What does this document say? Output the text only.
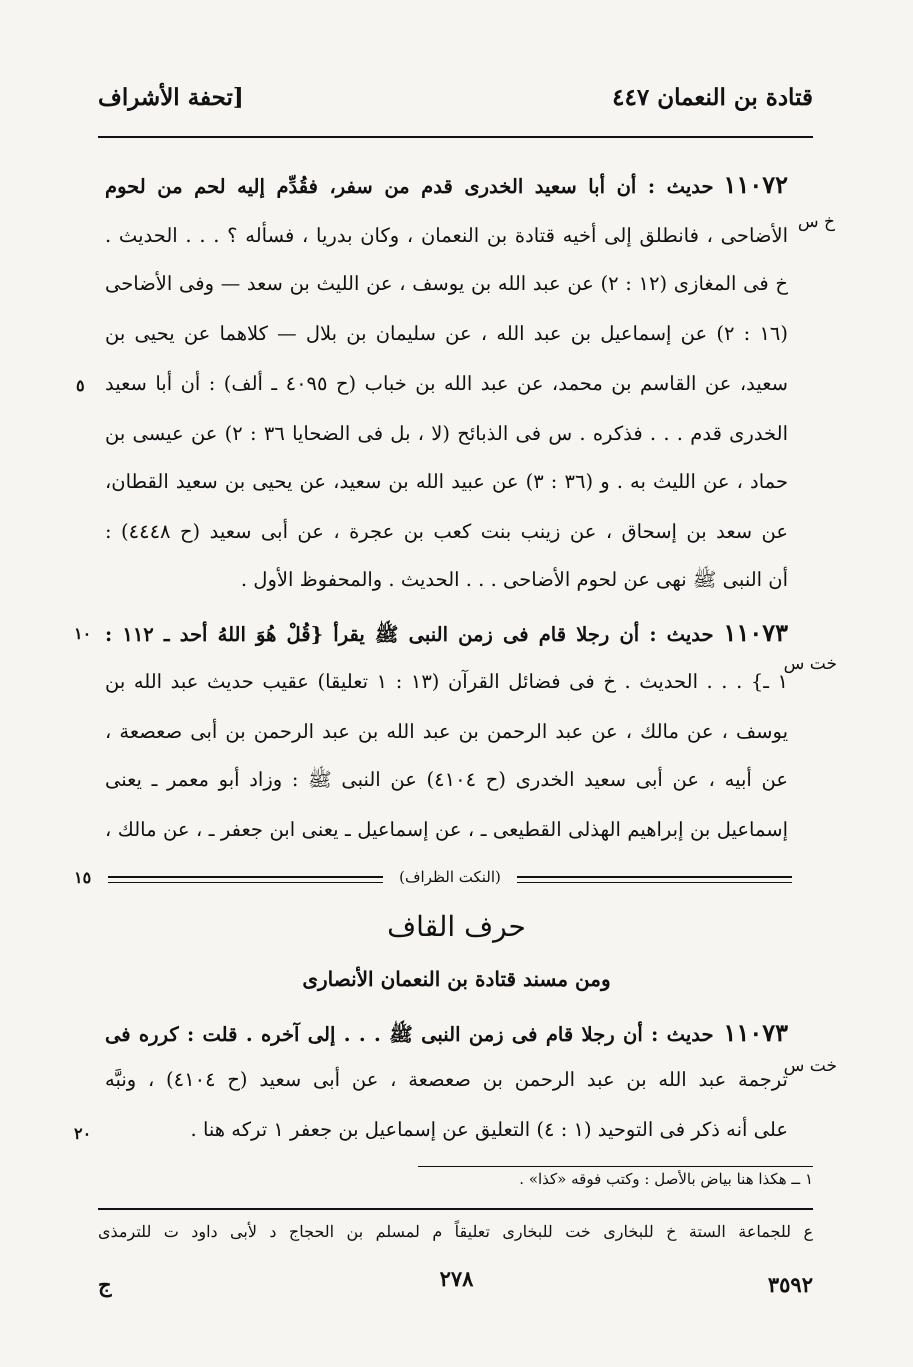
قتادة بن النعمان ٤٤٧
[تحفة الأشراف
١١٠٧٢حديث : أن أبا سعيد الخدرى قدم من سفر، فقُدِّم إليه لحم من لحوم
خ س
الأضاحى ، فانطلق إلى أخيه قتادة بن النعمان ، وكان بدريا ، فسأله ؟ . . . الحديث .
خ فى المغازى (١٢ : ٢) عن عبد الله بن يوسف ، عن الليث بن سعد — وفى الأضاحى
(١٦ : ٢) عن إسماعيل بن عبد الله ، عن سليمان بن بلال — كلاهما عن يحيى بن
سعيد، عن القاسم بن محمد، عن عبد الله بن خباب (ح ٤٠٩٥ ـ ألف) : أن أبا سعيد
٥
الخدرى قدم . . . فذكره . س فى الذبائح (لا ، بل فى الضحايا ٣٦ : ٢) عن عيسى بن
حماد ، عن الليث به . و (٣٦ : ٣) عن عبيد الله بن سعيد، عن يحيى بن سعيد القطان،
عن سعد بن إسحاق ، عن زينب بنت كعب بن عجرة ، عن أبى سعيد (ح ٤٤٤٨) :
أن النبى ﷺ نهى عن لحوم الأضاحى . . . الحديث . والمحفوظ الأول .
١١٠٧٣حديث : أن رجلا قام فى زمن النبى ﷺ يقرأ {قُلْ هُوَ اللهُ أحد ـ ١١٢ :
١٠
خت س
١ ـ} . . . الحديث . خ فى فضائل القرآن (١٣ : ١ تعليقا) عقيب حديث عبد الله بن
يوسف ، عن مالك ، عن عبد الرحمن بن عبد الله بن عبد الرحمن بن أبى صعصعة ،
عن أبيه ، عن أبى سعيد الخدرى (ح ٤١٠٤) عن النبى ﷺ : وزاد أبو معمر ـ يعنى
إسماعيل بن إبراهيم الهذلى القطيعى ـ ، عن إسماعيل ـ يعنى ابن جعفر ـ ، عن مالك ،
(النكت الظراف)
١٥
حرف القاف
ومن مسند قتادة بن النعمان الأنصارى
١١٠٧٣حديث : أن رجلا قام فى زمن النبى ﷺ . . . إلى آخره . قلت : كرره فى
خت س
ترجمة عبد الله بن عبد الرحمن بن صعصعة ، عن أبى سعيد (ح ٤١٠٤) ، ونبَّه
على أنه ذكر فى التوحيد (١ : ٤) التعليق عن إسماعيل بن جعفر ١ تركه هنا .
٢٠
١ ــ هكذا هنا بياض بالأصل : وكتب فوقه «كذا» .
ع للجماعة الستة خ للبخارى خت للبخارى تعليقاً م لمسلم بن الحجاج د لأبى داود ت للترمذى
٣٥٩٢
٢٧٨
ج
